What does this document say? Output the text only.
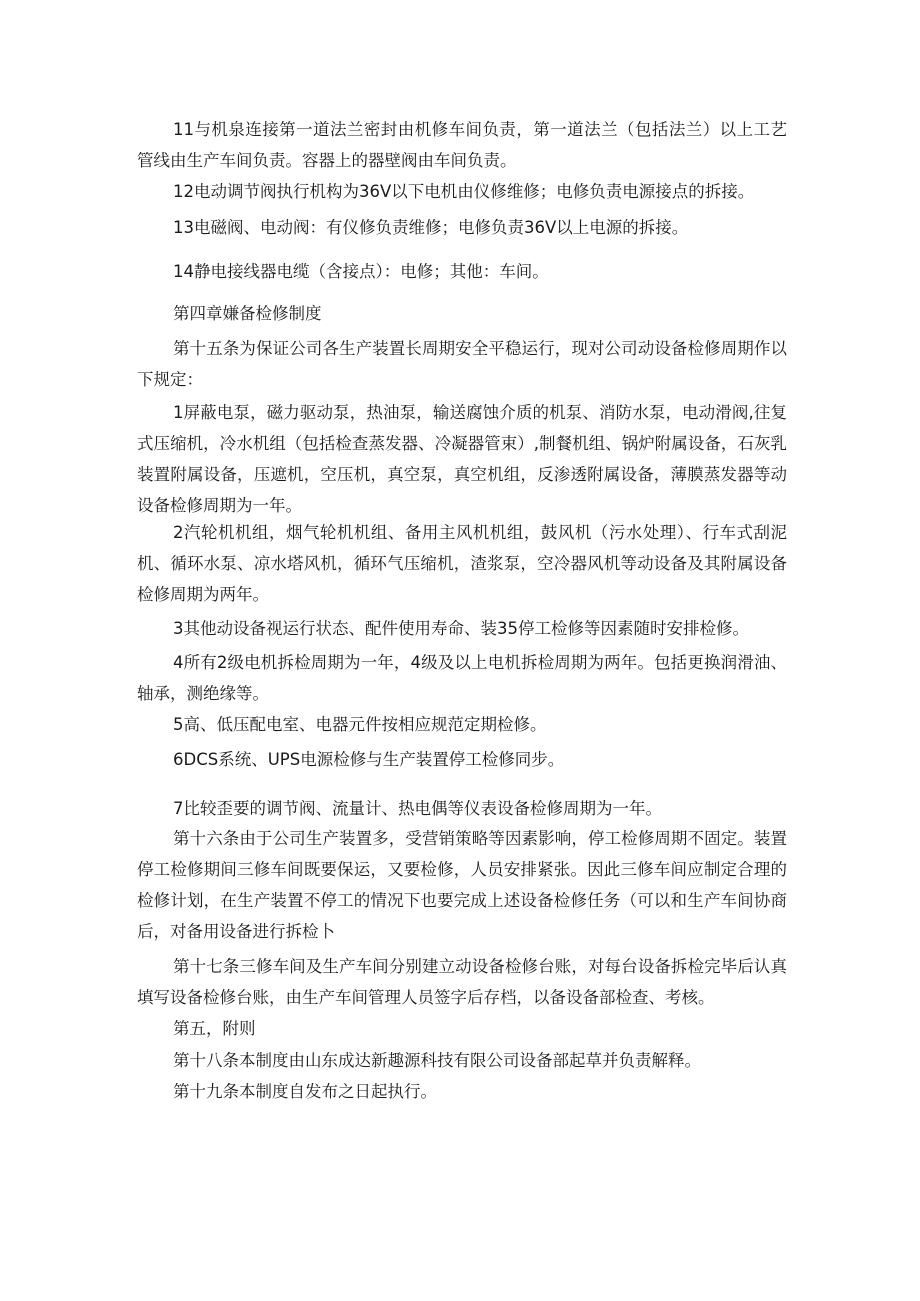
11与机泉连接第一道法兰密封由机修车间负责，第一道法兰（包括法兰）以上工艺管线由生产车间负责。容器上的器壁阀由车间负责。

12电动调节阀执行机构为36V以下电机由仪修维修；电修负责电源接点的拆接。

13电磁阀、电动阀：有仪修负责维修；电修负责36V以上电源的拆接。

14静电接线器电缆（含接点）：电修；其他：车间。

第四章嫌备检修制度

第十五条为保证公司各生产装置长周期安全平稳运行，现对公司动设备检修周期作以下规定：

1屏蔽电泵，磁力驱动泵，热油泵，输送腐蚀介质的机泵、消防水泵，电动滑阀,往复式压缩机，冷水机组（包括检查蒸发器、冷凝器管束）,制餐机组、锅炉附属设备，石灰乳装置附属设备，压遮机，空压机，真空泵，真空机组，反渗透附属设备，薄膜蒸发器等动设备检修周期为一年。

2汽轮机机组，烟气轮机机组、备用主风机机组，鼓风机（污水处理）、行车式刮泥机、循环水泵、凉水塔风机，循环气压缩机，渣浆泵，空冷器风机等动设备及其附属设备检修周期为两年。

3其他动设备视运行状态、配件使用寿命、装35停工检修等因素随时安排检修。

4所有2级电机拆检周期为一年，4级及以上电机拆检周期为两年。包括更换润滑油、轴承，测绝缘等。

5高、低压配电室、电器元件按相应规范定期检修。

6DCS系统、UPS电源检修与生产装置停工检修同步。

7比较歪要的调节阀、流量计、热电偶等仪表设备检修周期为一年。

第十六条由于公司生产装置多，受营销策略等因素影响，停工检修周期不固定。装置停工检修期间三修车间既要保运，又要检修，人员安排紧张。因此三修车间应制定合理的检修计划，在生产装置不停工的情况下也要完成上述设备检修任务（可以和生产车间协商后，对备用设备进行拆检卜

第十七条三修车间及生产车间分别建立动设备检修台账，对每台设备拆检完毕后认真填写设备检修台账，由生产车间管理人员签字后存档，以备设备部检查、考核。

第五，附则

第十八条本制度由山东成达新趣源科技有限公司设备部起草并负责解释。

第十九条本制度自发布之日起执行。
